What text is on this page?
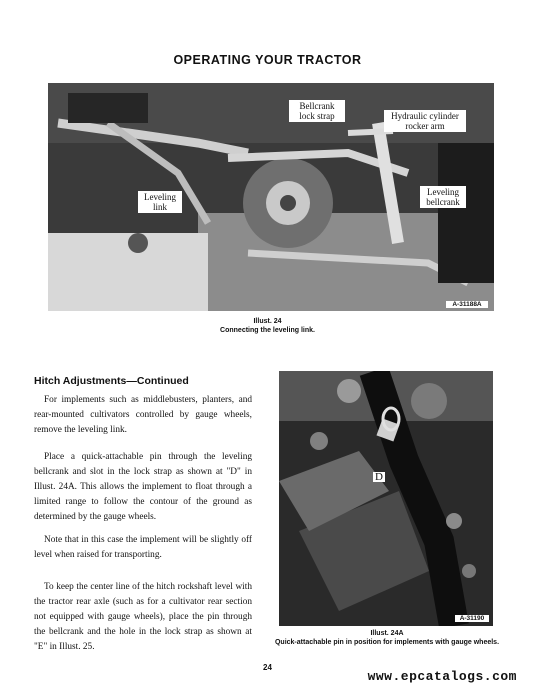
OPERATING YOUR TRACTOR
Bellcrank lock strap	Hydraulic cylinder rocker arm
Leveling link
Leveling bellcrank
A-31188A
Illust. 24
Connecting the leveling link.
Hitch Adjustments—Continued
For implements such as middlebusters, planters, and rear-mounted cultivators controlled by gauge wheels, remove the leveling link.
Place a quick-attachable pin through the leveling bellcrank and slot in the lock strap as shown at "D" in Illust. 24A. This allows the implement to float through a limited range to follow the contour of the ground as determined by the gauge wheels.
Note that in this case the implement will be slightly off level when raised for transporting.
To keep the center line of the hitch rockshaft level with the tractor rear axle (such as for a cultivator rear section not equipped with gauge wheels), place the pin through the bellcrank and the hole in the lock strap as shown at "E" in Illust. 25.
D
A-31190
Illust. 24A
Quick-attachable pin in position for implements with gauge wheels.
24
www.epcatalogs.com
